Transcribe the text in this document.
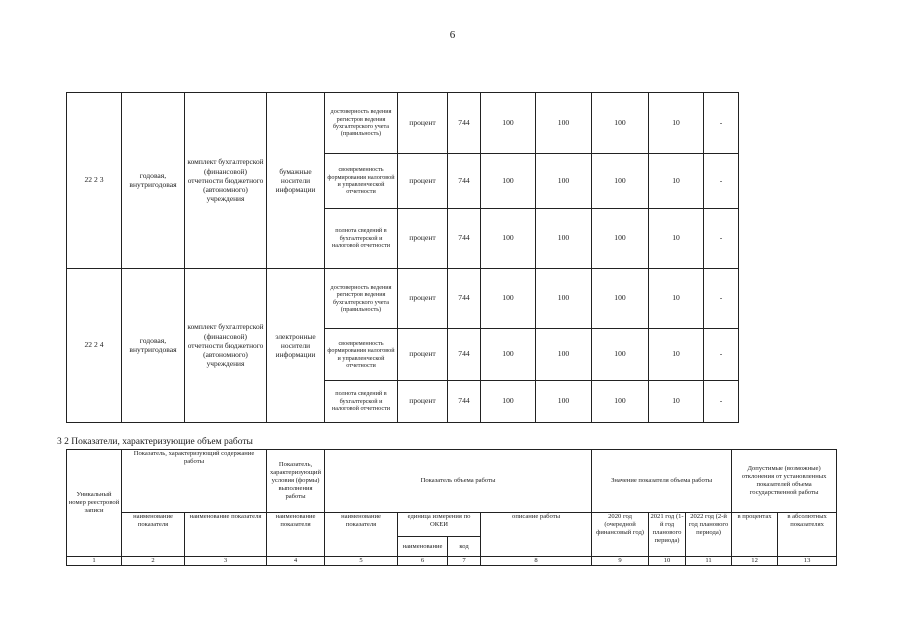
6
22 2 3	годовая, внутригодовая	комплект бухгалтерской (финансовой) отчетности бюджетного (автономного) учреждения	бумажные носители информации	достоверность ведения регистров ведения бухгалтерского учета (правильность)	процент	744	100	100	100	10	-
				своевременность формирования налоговой и управленческой отчетности	процент	744	100	100	100	10	-
				полнота сведений в бухгалтерской и налоговой отчетности	процент	744	100	100	100	10	-
22 2 4	годовая, внутригодовая	комплект бухгалтерской (финансовой) отчетности бюджетного (автономного) учреждения	электронные носители информации	достоверность ведения регистров ведения бухгалтерского учета (правильность)	процент	744	100	100	100	10	-
				своевременность формирования налоговой и управленческой отчетности	процент	744	100	100	100	10	-
				полнота сведений в бухгалтерской и налоговой отчетности	процент	744	100	100	100	10	-
3 2 Показатели, характеризующие объем работы
Уникальный номер реестровой записи	Показатель, характеризующий содержание работы		Показатель, характеризующий условия (формы) выполнения работы	Показатель объема работы				Значение показателя объема работы			Допустимые (возможные) отклонения от установленных показателей объема государственной работы	
	наименование показателя	наименование показателя	наименование показателя	наименование показателя	единица измерения по ОКЕИ		описание работы	2020 год (очередной финансовый год)	2021 год (1-й год планового периода)	2022 год (2-й год планового периода)	в процентах	в абсолютных показателях
					наименование	код						
1	2	3	4	5	6	7	8	9	10	11	12	13
